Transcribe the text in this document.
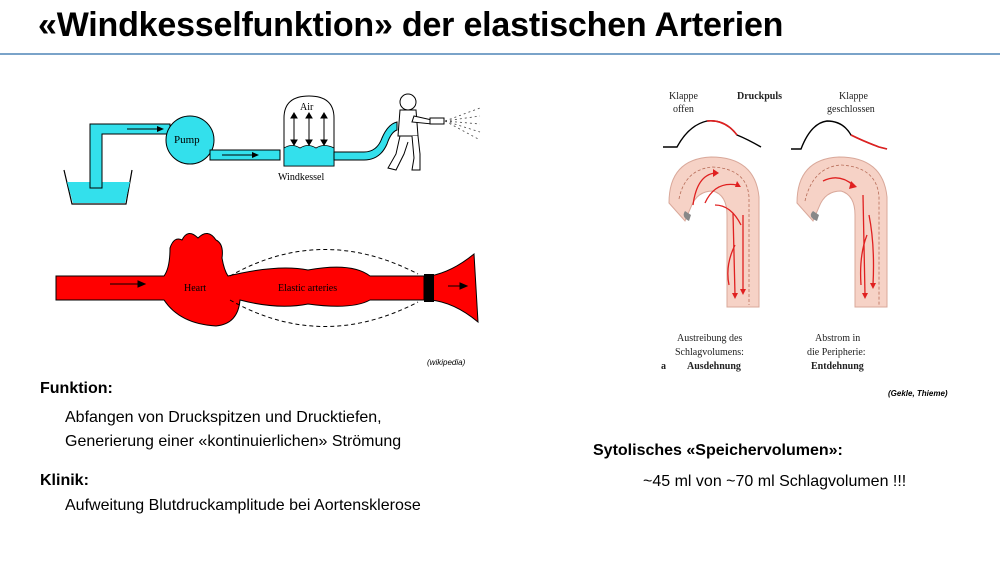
«Windkesselfunktion» der elastischen Arterien
Pump
Air
Windkessel
Heart	Elastic arteries
(wikipedia)
Klappe
offen
Druckpuls	Klappe
geschlossen
Austreibung des
Schlagvolumens:
a Ausdehnung
Abstrom in
die Peripherie:
Entdehnung
(Gekle, Thieme)
Funktion:
Abfangen von Druckspitzen und Drucktiefen,
Generierung einer «kontinuierlichen» Strömung
Klinik:
Aufweitung Blutdruckamplitude bei Aortensklerose
Sytolisches «Speichervolumen»:
~45 ml von ~70 ml Schlagvolumen !!!
